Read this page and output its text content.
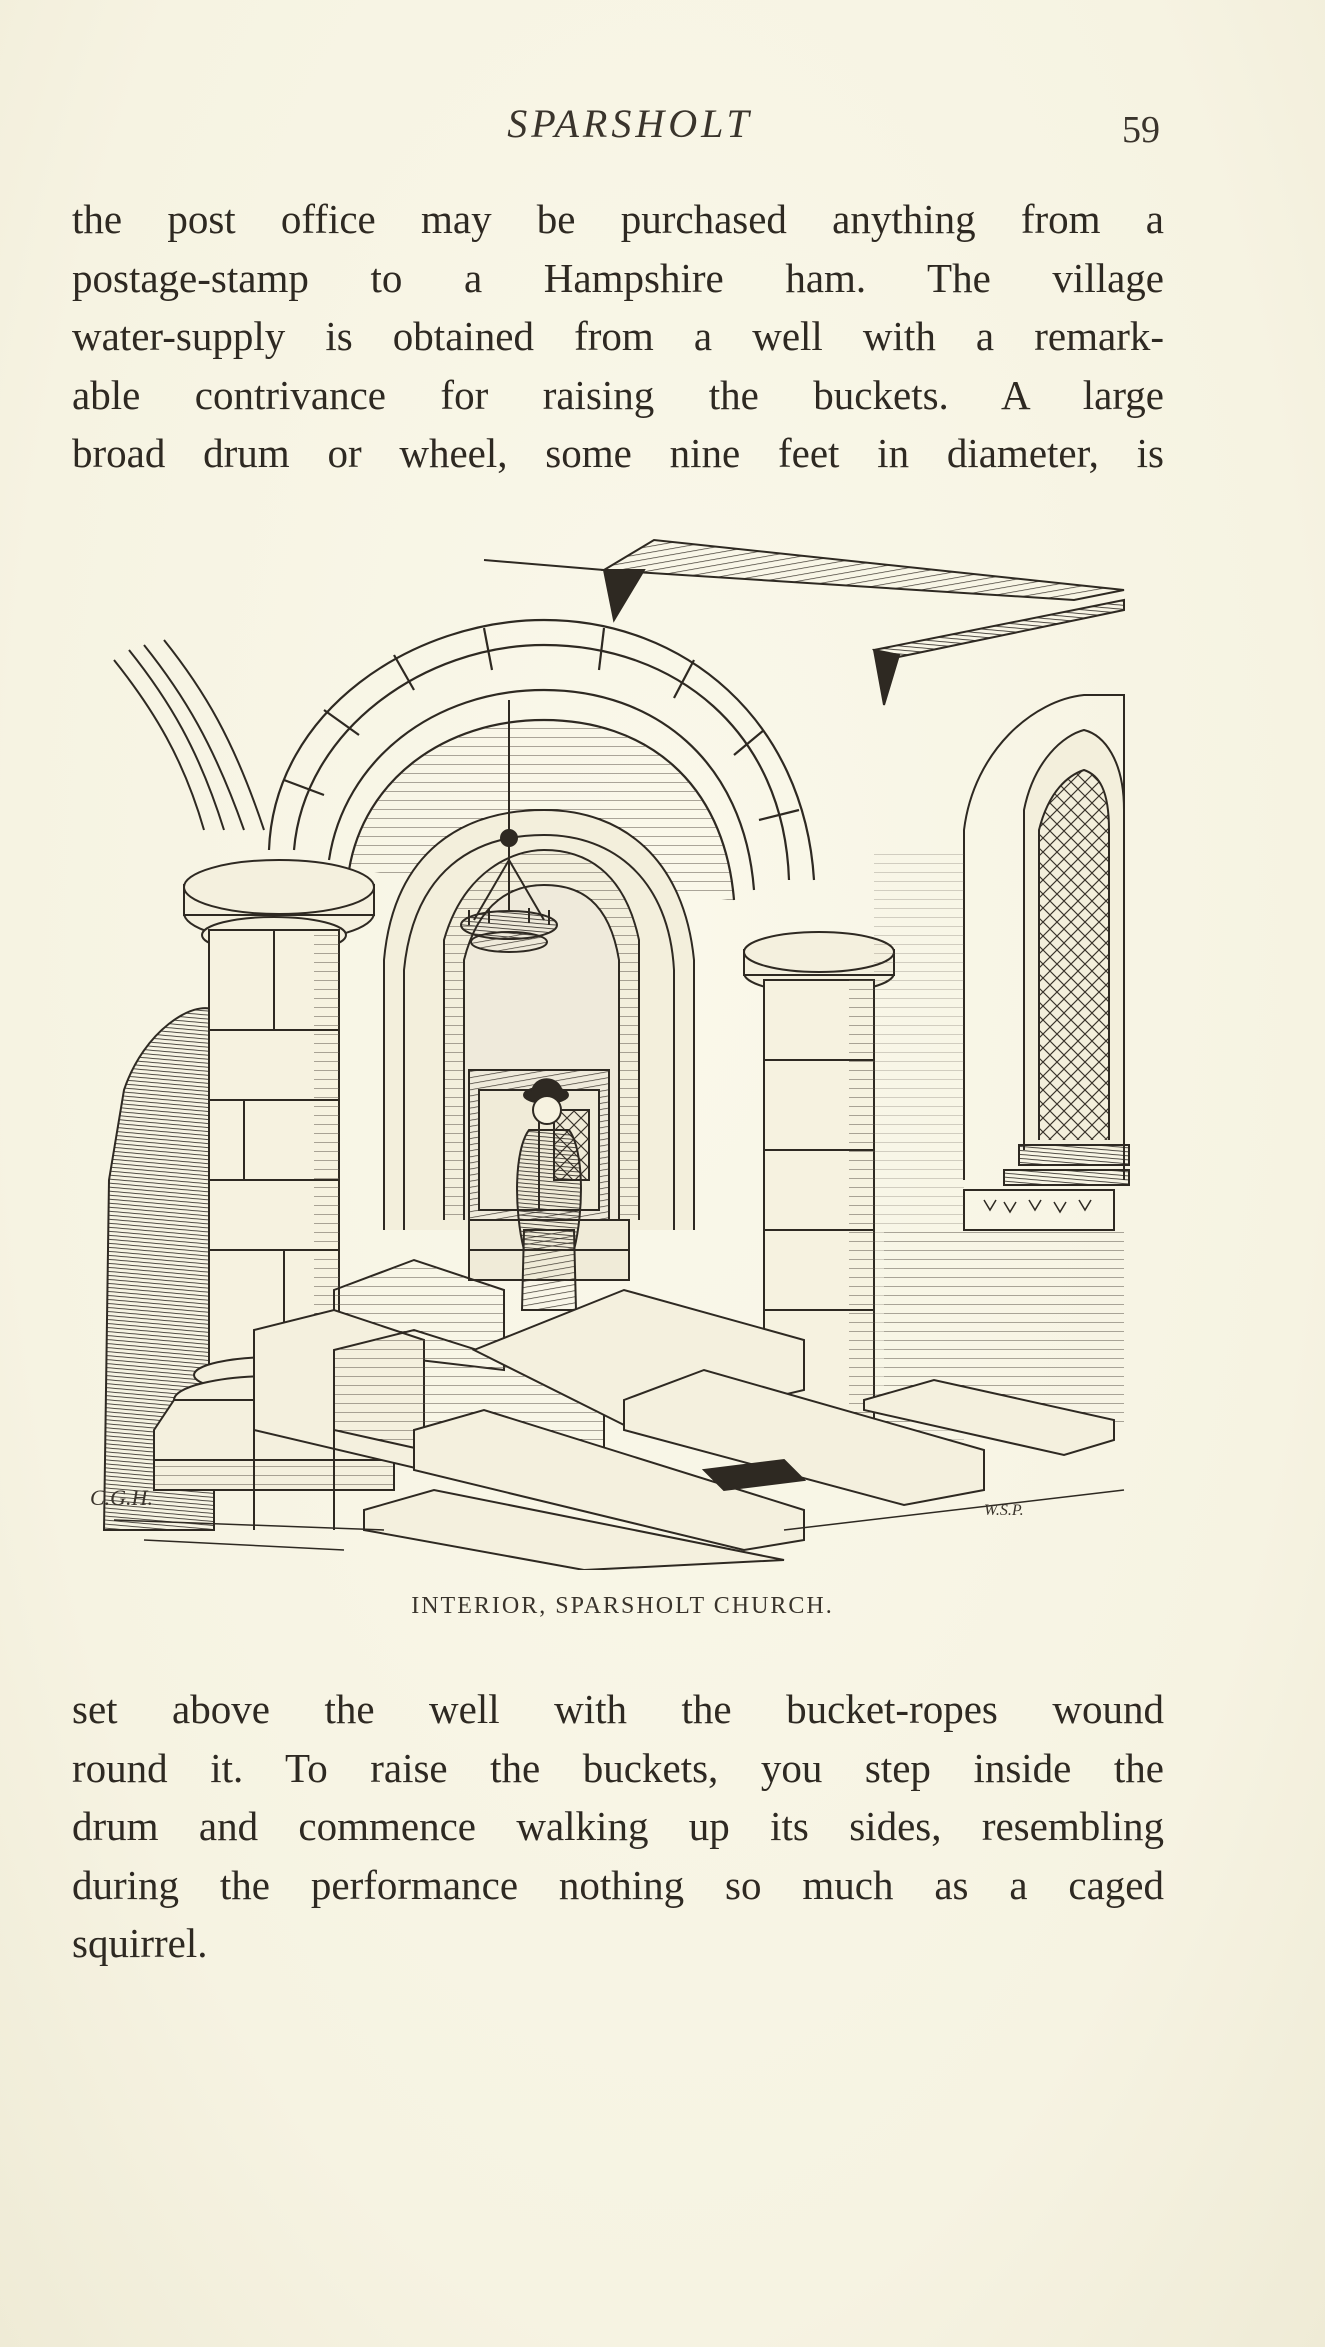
SPARSHOLT	59
the post office may be purchased anything from a
postage-stamp to a Hampshire ham. The village
water-supply is obtained from a well with a remark-
able contrivance for raising the buckets. A large
broad drum or wheel, some nine feet in diameter, is
C.G.H.
W.S.P.
INTERIOR, SPARSHOLT CHURCH.
set above the well with the bucket-ropes wound
round it. To raise the buckets, you step inside the
drum and commence walking up its sides, resembling
during the performance nothing so much as a caged
squirrel.
